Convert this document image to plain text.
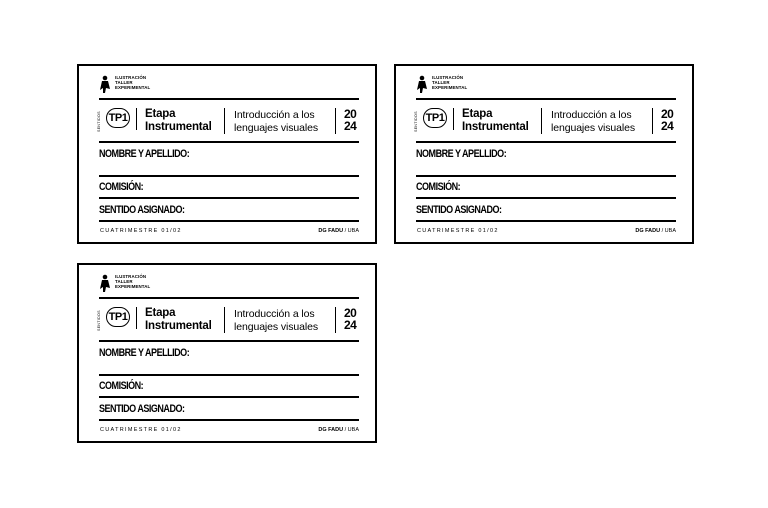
ILUSTRACIÓN
TALLER
EXPERIMENTAL
SENTIDOS TP1 Etapa
Instrumental
Introducción a los
lenguajes visuales
20
24
NOMBRE Y APELLIDO:
COMISIÓN:
SENTIDO ASIGNADO:
CUATRIMESTRE 01/02	DG FADU / UBA
ILUSTRACIÓN
TALLER
EXPERIMENTAL
SENTIDOS TP1 Etapa
Instrumental
Introducción a los
lenguajes visuales
20
24
NOMBRE Y APELLIDO:
COMISIÓN:
SENTIDO ASIGNADO:
CUATRIMESTRE 01/02	DG FADU / UBA
ILUSTRACIÓN
TALLER
EXPERIMENTAL
SENTIDOS TP1 Etapa
Instrumental
Introducción a los
lenguajes visuales
20
24
NOMBRE Y APELLIDO:
COMISIÓN:
SENTIDO ASIGNADO:
CUATRIMESTRE 01/02	DG FADU / UBA
